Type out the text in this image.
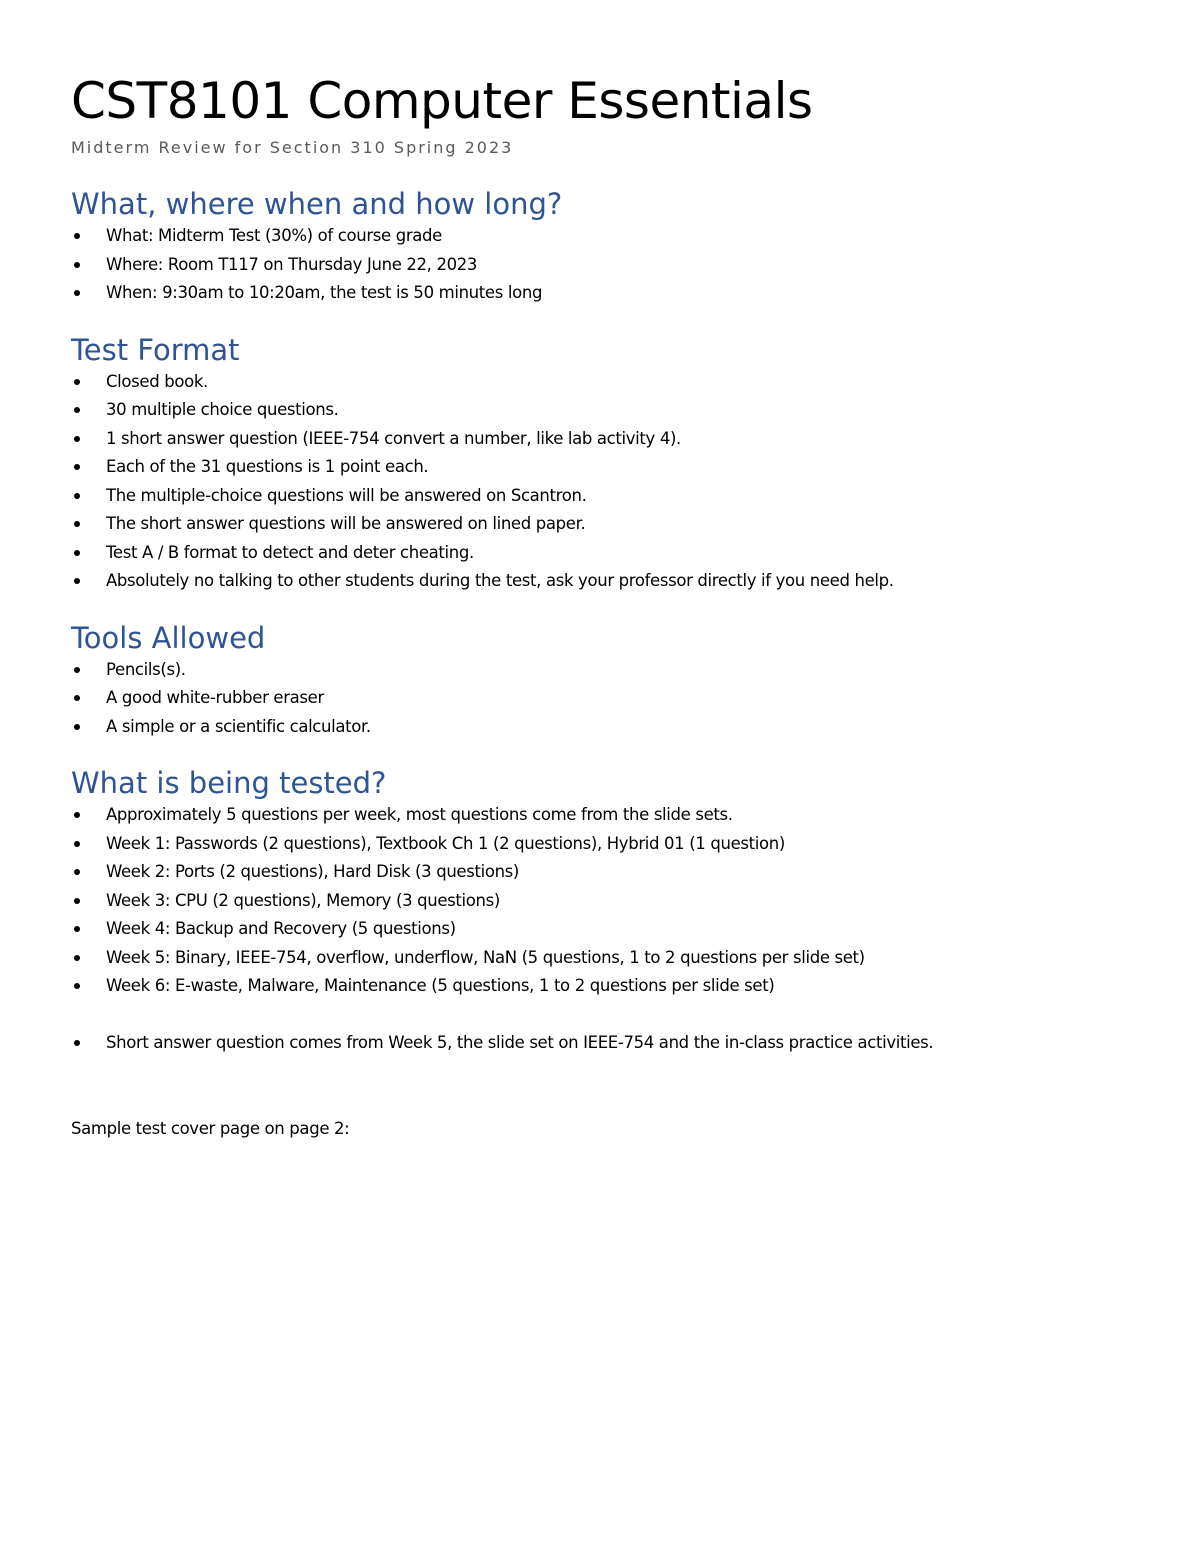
CST8101 Computer Essentials

Midterm Review for Section 310 Spring 2023

What, where when and how long?
What: Midterm Test (30%) of course grade
Where: Room T117 on Thursday June 22, 2023
When: 9:30am to 10:20am, the test is 50 minutes long
Test Format
Closed book.
30 multiple choice questions.
1 short answer question (IEEE-754 convert a number, like lab activity 4).
Each of the 31 questions is 1 point each.
The multiple-choice questions will be answered on Scantron.
The short answer questions will be answered on lined paper.
Test A / B format to detect and deter cheating.
Absolutely no talking to other students during the test, ask your professor directly if you need help.
Tools Allowed
Pencils(s).
A good white-rubber eraser
A simple or a scientific calculator.
What is being tested?
Approximately 5 questions per week, most questions come from the slide sets.
Week 1: Passwords (2 questions), Textbook Ch 1 (2 questions), Hybrid 01 (1 question)
Week 2: Ports (2 questions), Hard Disk (3 questions)
Week 3: CPU (2 questions), Memory (3 questions)
Week 4: Backup and Recovery (5 questions)
Week 5: Binary, IEEE-754, overflow, underflow, NaN (5 questions, 1 to 2 questions per slide set)
Week 6: E-waste, Malware, Maintenance (5 questions, 1 to 2 questions per slide set)
Short answer question comes from Week 5, the slide set on IEEE-754 and the in-class practice activities.

Sample test cover page on page 2:
